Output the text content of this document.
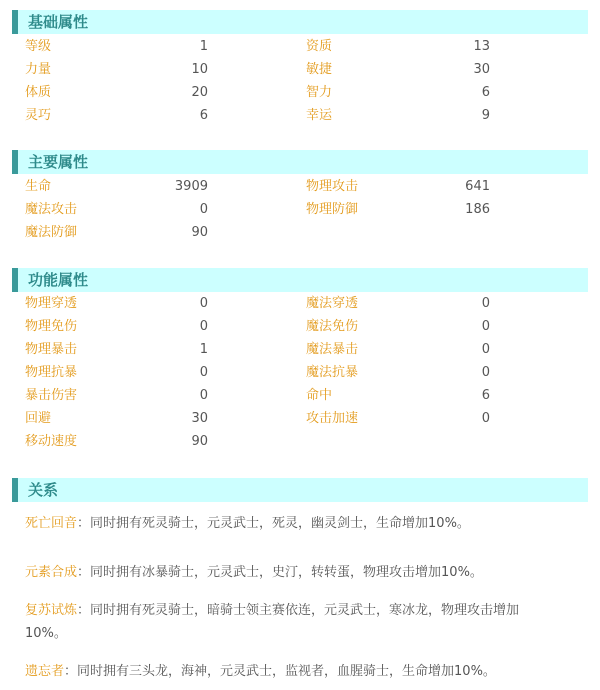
基础属性
等级	1	资质	13
力量	10	敏捷	30
体质	20	智力	6
灵巧	6	幸运	9
主要属性
生命	3909	物理攻击	641
魔法攻击	0	物理防御	186
魔法防御	90
功能属性
物理穿透	0	魔法穿透	0
物理免伤	0	魔法免伤	0
物理暴击	1	魔法暴击	0
物理抗暴	0	魔法抗暴	0
暴击伤害	0	命中	6
回避	30	攻击加速	0
移动速度	90
关系
死亡回音：同时拥有死灵骑士，元灵武士，死灵，幽灵剑士，生命增加10%。
元素合成：同时拥有冰暴骑士，元灵武士，史汀，转转蛋，物理攻击增加10%。
复苏试炼：同时拥有死灵骑士，暗骑士领主赛依连，元灵武士，寒冰龙，物理攻击增加
10%。
遗忘者：同时拥有三头龙，海神，元灵武士，监视者，血腥骑士，生命增加10%。
